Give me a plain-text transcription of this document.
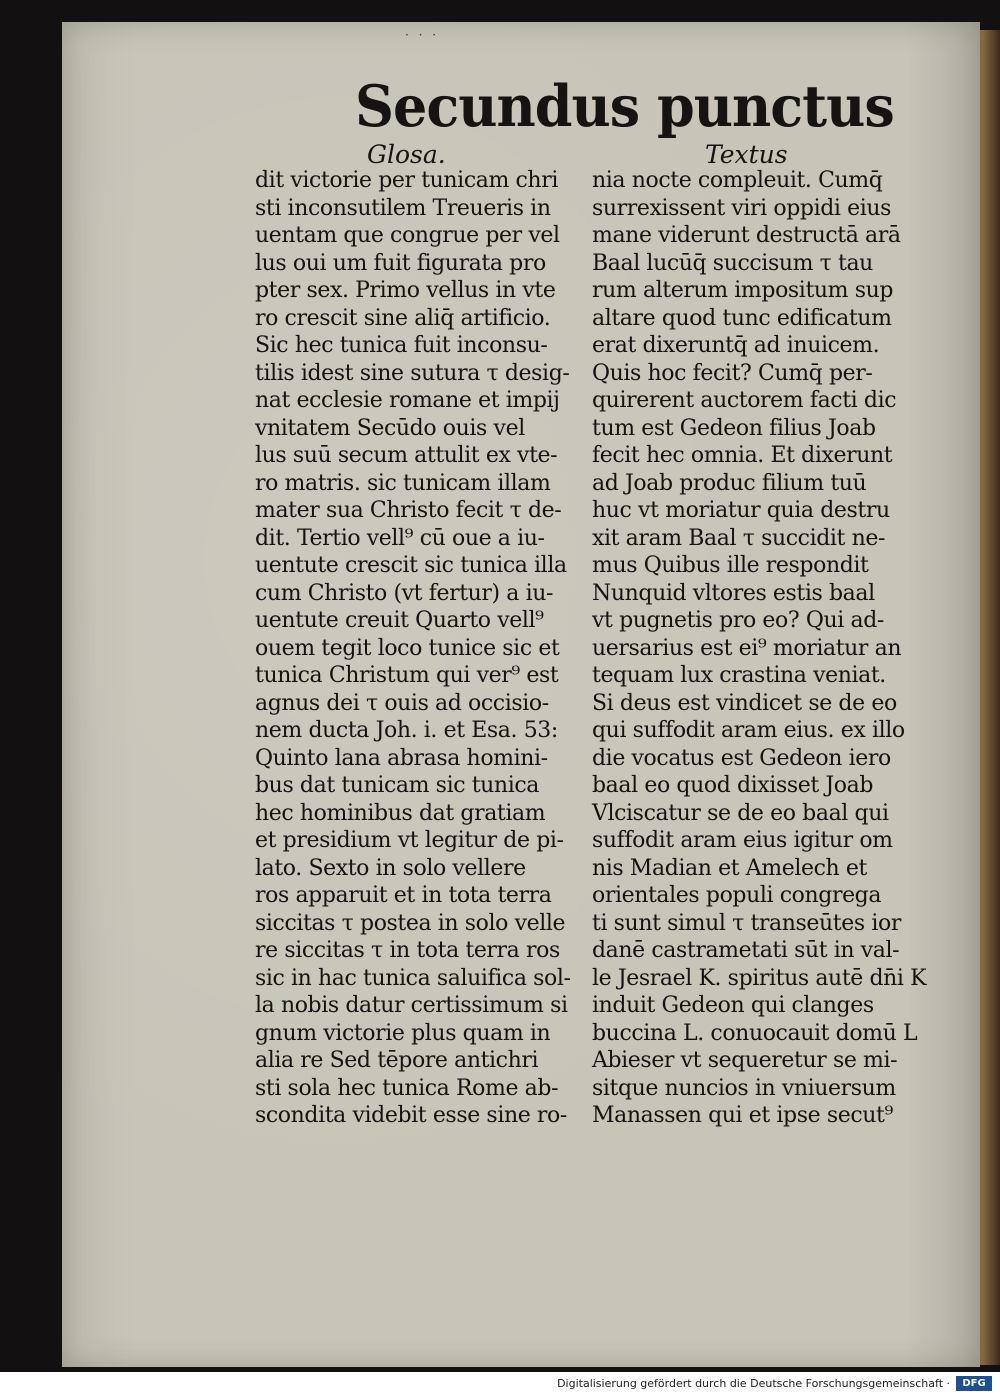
· · ·
Secundus punctus
Glosa.	Textus
dit victorie per tunicam chri
sti inconsutilem Treueris in
uentam que congrue per vel
lus oui um fuit figurata pro
pter sex. Primo vellus in vte
ro crescit sine aliq̄ artificio.
Sic hec tunica fuit inconsu-
tilis idest sine sutura τ desig-
nat ecclesie romane et impij
vnitatem Secūdo ouis vel
lus suū secum attulit ex vte-
ro matris. sic tunicam illam
mater sua Christo fecit τ de-
dit. Tertio vell⁹ cū oue a iu-
uentute crescit sic tunica illa
cum Christo (vt fertur) a iu-
uentute creuit Quarto vell⁹
ouem tegit loco tunice sic et
tunica Christum qui ver⁹ est
agnus dei τ ouis ad occisio-
nem ducta Joh. i. et Esa. 53:
Quinto lana abrasa homini-
bus dat tunicam sic tunica
hec hominibus dat gratiam
et presidium vt legitur de pi-
lato. Sexto in solo vellere
ros apparuit et in tota terra
siccitas τ postea in solo velle
re siccitas τ in tota terra ros
sic in hac tunica saluifica sol-
la nobis datur certissimum si
gnum victorie plus quam in
alia re Sed tēpore antichri
sti sola hec tunica Rome ab-
scondita videbit esse sine ro-
nia nocte compleuit. Cumq̄
surrexissent viri oppidi eius
mane viderunt destructā arā
Baal lucūq̄ succisum τ tau
rum alterum impositum sup
altare quod tunc edificatum
erat dixeruntq̄ ad inuicem.
Quis hoc fecit? Cumq̄ per-
quirerent auctorem facti dic
tum est Gedeon filius Joab
fecit hec omnia. Et dixerunt
ad Joab produc filium tuū
huc vt moriatur quia destru
xit aram Baal τ succidit ne-
mus Quibus ille respondit
Nunquid vltores estis baal
vt pugnetis pro eo? Qui ad-
uersarius est ei⁹ moriatur an
tequam lux crastina veniat.
Si deus est vindicet se de eo
qui suffodit aram eius. ex illo
die vocatus est Gedeon iero
baal eo quod dixisset Joab
Vlciscatur se de eo baal qui
suffodit aram eius igitur om
nis Madian et Amelech et
orientales populi congrega
ti sunt simul τ transeūtes ior
danē castrametati sūt in val-
le Jesrael K. spiritus autē dn̄i K
induit Gedeon qui clanges
buccina L. conuocauit domū L
Abieser vt sequeretur se mi-
sitque nuncios in vniuersum
Manassen qui et ipse secut⁹
Digitalisierung gefördert durch die Deutsche Forschungsgemeinschaft ·	DFG
